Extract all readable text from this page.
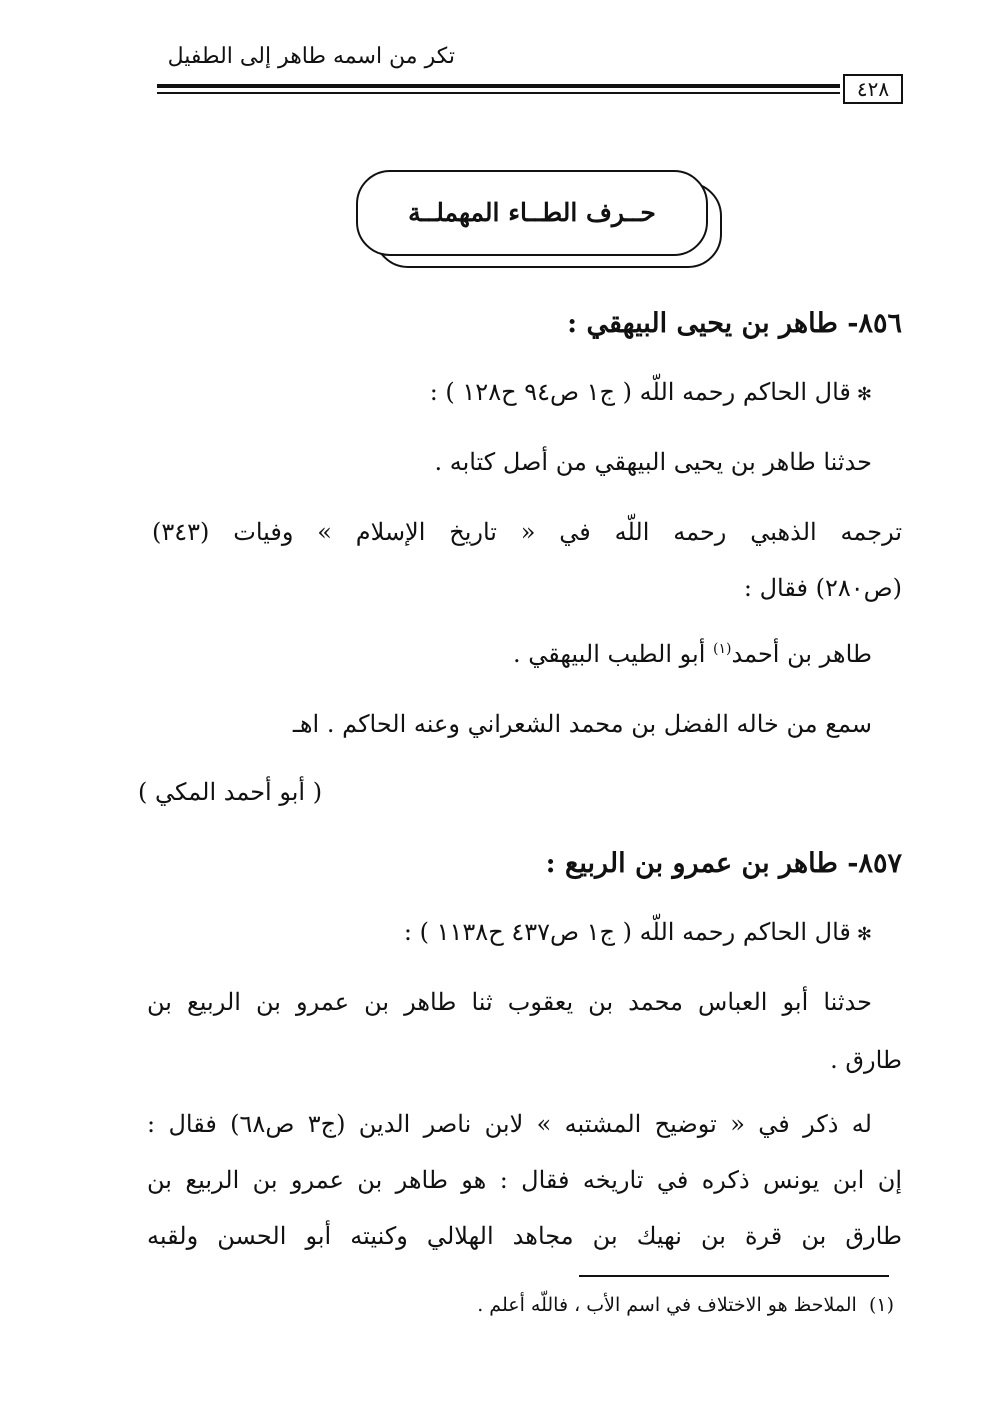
تكر من اسمه طاهر إلى الطفيل
٤٢٨
حــرف الطــاء المهملــة
٨٥٦- طاهر بن يحيى البيهقي :
✻قال الحاكم رحمه اللّه ( ج١ ص٩٤ ح١٢٨ ) :
حدثنا طاهر بن يحيى البيهقي من أصل كتابه .
ترجمه الذهبي رحمه اللّه في « تاريخ الإسلام » وفيات (٣٤٣)
(ص٢٨٠) فقال :
طاهر بن أحمد$^{(١)}$ أبو الطيب البيهقي .
سمع من خاله الفضل بن محمد الشعراني وعنه الحاكم . اهـ
( أبو أحمد المكي )
٨٥٧- طاهر بن عمرو بن الربيع :
✻قال الحاكم رحمه اللّه ( ج١ ص٤٣٧ ح١١٣٨ ) :
حدثنا أبو العباس محمد بن يعقوب ثنا طاهر بن عمرو بن الربيع بن
طارق .
له ذكر في « توضيح المشتبه » لابن ناصر الدين (ج٣ ص٦٨) فقال :
إن ابن يونس ذكره في تاريخه فقال : هو طاهر بن عمرو بن الربيع بن
طارق بن قرة بن نهيك بن مجاهد الهلالي وكنيته أبو الحسن ولقبه
(١)  الملاحظ هو الاختلاف في اسم الأب ، فاللّه أعلم .
